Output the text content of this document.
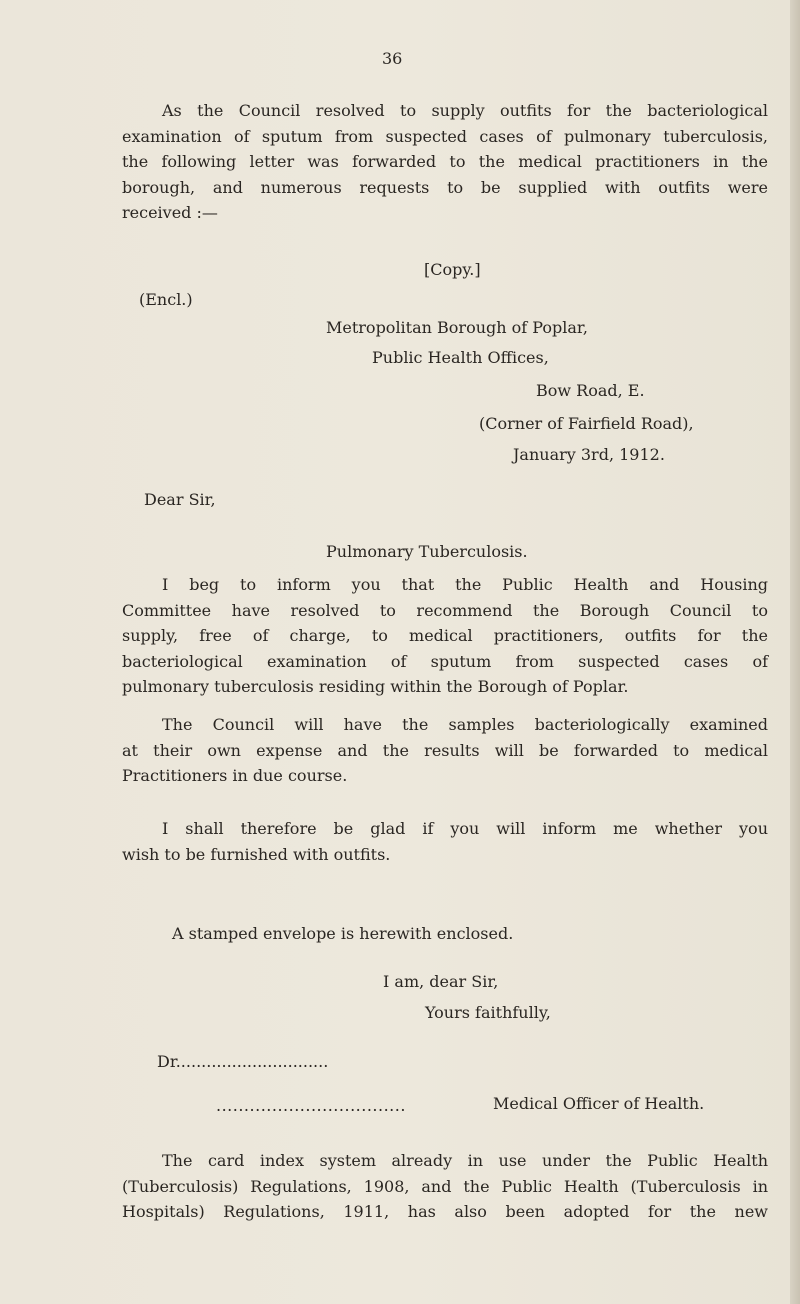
36
As the Council resolved to supply outfits for the bacteriological
examination of sputum from suspected cases of pulmonary tuberculosis,
the following letter was forwarded to the medical practitioners in the
borough, and numerous requests to be supplied with outfits were
received :—
[Copy.]
(Encl.)
Metropolitan Borough of Poplar,
Public Health Offices,
Bow Road, E.
(Corner of Fairfield Road),
January 3rd, 1912.
Dear Sir,
Pulmonary Tuberculosis.
I beg to inform you that the Public Health and Housing
Committee have resolved to recommend the Borough Council to
supply, free of charge, to medical practitioners, outfits for the
bacteriological examination of sputum from suspected cases of
pulmonary tuberculosis residing within the Borough of Poplar.
The Council will have the samples bacteriologically examined
at their own expense and the results will be forwarded to medical
Practitioners in due course.
I shall therefore be glad if you will inform me whether you
wish to be furnished with outfits.
A stamped envelope is herewith enclosed.
I am, dear Sir,
Yours faithfully,
Dr..............................
..................................	Medical Officer of Health.
The card index system already in use under the Public Health
(Tuberculosis) Regulations, 1908, and the Public Health (Tuberculosis in
Hospitals) Regulations, 1911, has also been adopted for the new
